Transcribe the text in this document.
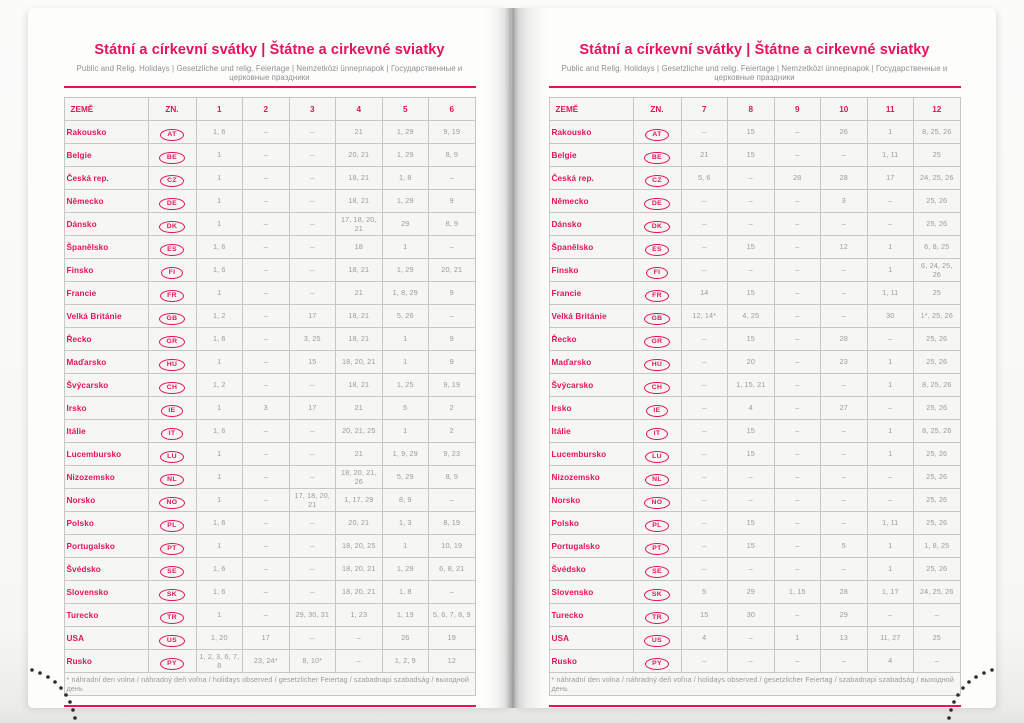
Státní a církevní svátky | Štátne a cirkevné sviatky

Public and Relig. Holidays | Gesetzliche und relig. Feiertage | Nemzetközi ünnepnapok | Государственные и церковные праздники

ZEMĚ	ZN.	1	2	3	4	5	6
Rakousko	AT	1, 6	–	–	21	1, 29	9, 19
Belgie	BE	1	–	–	20, 21	1, 29	8, 9
Česká rep.	CZ	1	–	–	18, 21	1, 8	–
Německo	DE	1	–	–	18, 21	1, 29	9
Dánsko	DK	1	–	–	17, 18, 20, 21	29	8, 9
Španělsko	ES	1, 6	–	–	18	1	–
Finsko	FI	1, 6	–	–	18, 21	1, 29	20, 21
Francie	FR	1	–	–	21	1, 8, 29	9
Velká Británie	GB	1, 2	–	17	18, 21	5, 26	–
Řecko	GR	1, 6	–	3, 25	18, 21	1	9
Maďarsko	HU	1	–	15	18, 20, 21	1	9
Švýcarsko	CH	1, 2	–	–	18, 21	1, 25	9, 19
Irsko	IE	1	3	17	21	5	2
Itálie	IT	1, 6	–	–	20, 21, 25	1	2
Lucembursko	LU	1	–	–	21	1, 9, 29	9, 23
Nizozemsko	NL	1	–	–	18, 20, 21, 26	5, 29	8, 9
Norsko	NO	1	–	17, 18, 20, 21	1, 17, 29	8, 9	–
Polsko	PL	1, 6	–	–	20, 21	1, 3	8, 19
Portugalsko	PT	1	–	–	18, 20, 25	1	10, 19
Švédsko	SE	1, 6	–	–	18, 20, 21	1, 29	6, 8, 21
Slovensko	SK	1, 6	–	–	18, 20, 21	1, 8	–
Turecko	TR	1	–	29, 30, 31	1, 23	1, 19	5, 6, 7, 8, 9
USA	US	1, 20	17	–	–	26	19
Rusko	PY	1, 2, 3, 6, 7, 8	23, 24*	8, 10*	–	1, 2, 9	12
* náhradní den volna / náhradný deň voľna / holidays observed / gesetzlicher Feiertag / szabadnapi szabadság / выходной день							
Státní a církevní svátky | Štátne a cirkevné sviatky

Public and Relig. Holidays | Gesetzliche und relig. Feiertage | Nemzetközi ünnepnapok | Государственные и церковные праздники

ZEMĚ	ZN.	7	8	9	10	11	12
Rakousko	AT	–	15	–	26	1	8, 25, 26
Belgie	BE	21	15	–	–	1, 11	25
Česká rep.	CZ	5, 6	–	28	28	17	24, 25, 26
Německo	DE	–	–	–	3	–	25, 26
Dánsko	DK	–	–	–	–	–	25, 26
Španělsko	ES	–	15	–	12	1	6, 8, 25
Finsko	FI	–	–	–	–	1	6, 24, 25, 26
Francie	FR	14	15	–	–	1, 11	25
Velká Británie	GB	12, 14*	4, 25	–	–	30	1*, 25, 26
Řecko	GR	–	15	–	28	–	25, 26
Maďarsko	HU	–	20	–	23	1	25, 26
Švýcarsko	CH	–	1, 15, 21	–	–	1	8, 25, 26
Irsko	IE	–	4	–	27	–	25, 26
Itálie	IT	–	15	–	–	1	8, 25, 26
Lucembursko	LU	–	15	–	–	1	25, 26
Nizozemsko	NL	–	–	–	–	–	25, 26
Norsko	NO	–	–	–	–	–	25, 26
Polsko	PL	–	15	–	–	1, 11	25, 26
Portugalsko	PT	–	15	–	5	1	1, 8, 25
Švédsko	SE	–	–	–	–	1	25, 26
Slovensko	SK	5	29	1, 15	28	1, 17	24, 25, 26
Turecko	TR	15	30	–	29	–	–
USA	US	4	–	1	13	11, 27	25
Rusko	PY	–	–	–	–	4	–
* náhradní den volna / náhradný deň voľna / holidays observed / gesetzlicher Feiertag / szabadnapi szabadság / выходной день							
